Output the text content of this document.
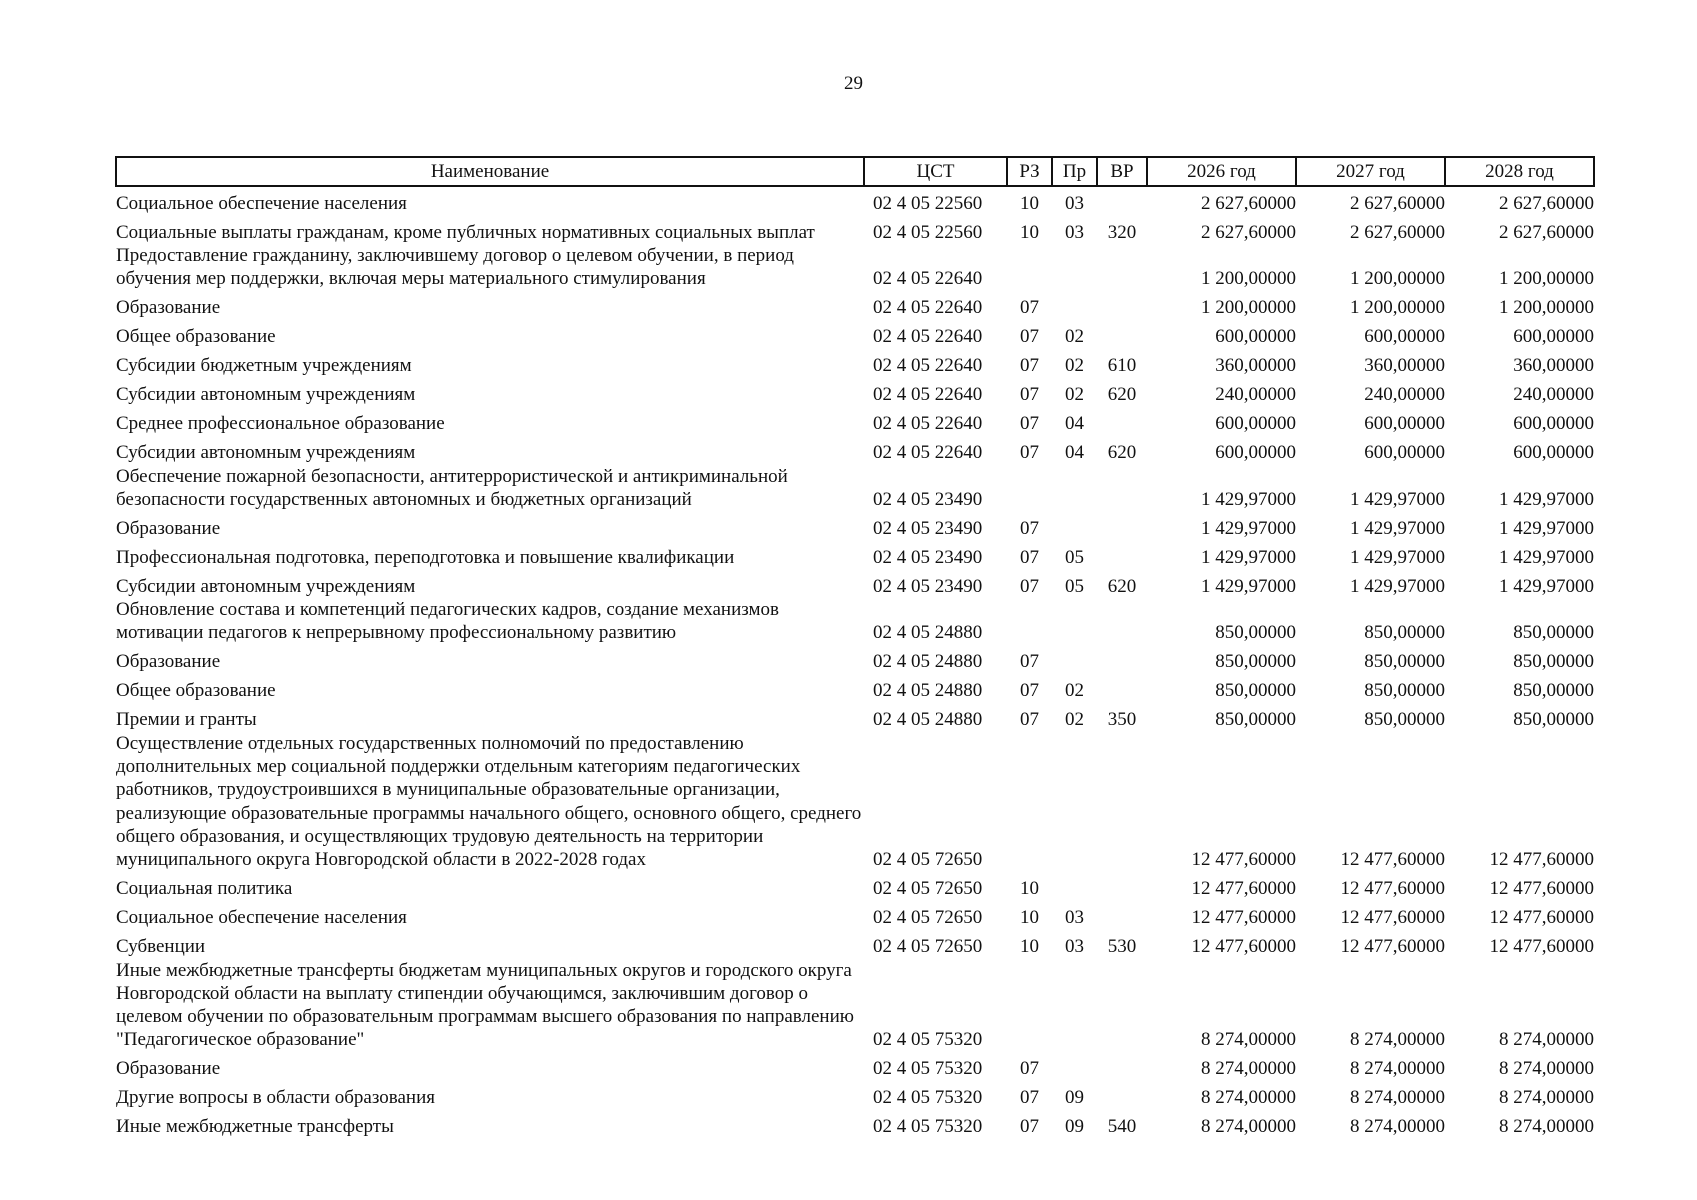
29
Наименование	ЦСТ	РЗ	Пр	ВР	2026 год	2027 год	2028 год
Социальное обеспечение населения	02 4 05 22560	10	03		2 627,60000	2 627,60000	2 627,60000
Социальные выплаты гражданам, кроме публичных нормативных социальных выплат	02 4 05 22560	10	03	320	2 627,60000	2 627,60000	2 627,60000
Предоставление гражданину, заключившему договор о целевом обучении, в период обучения мер поддержки, включая меры материального стимулирования	02 4 05 22640				1 200,00000	1 200,00000	1 200,00000
Образование	02 4 05 22640	07			1 200,00000	1 200,00000	1 200,00000
Общее образование	02 4 05 22640	07	02		600,00000	600,00000	600,00000
Субсидии бюджетным учреждениям	02 4 05 22640	07	02	610	360,00000	360,00000	360,00000
Субсидии автономным учреждениям	02 4 05 22640	07	02	620	240,00000	240,00000	240,00000
Среднее профессиональное образование	02 4 05 22640	07	04		600,00000	600,00000	600,00000
Субсидии автономным учреждениям	02 4 05 22640	07	04	620	600,00000	600,00000	600,00000
Обеспечение пожарной безопасности, антитеррористической и антикриминальной безопасности государственных автономных и бюджетных организаций	02 4 05 23490				1 429,97000	1 429,97000	1 429,97000
Образование	02 4 05 23490	07			1 429,97000	1 429,97000	1 429,97000
Профессиональная подготовка, переподготовка и повышение квалификации	02 4 05 23490	07	05		1 429,97000	1 429,97000	1 429,97000
Субсидии автономным учреждениям	02 4 05 23490	07	05	620	1 429,97000	1 429,97000	1 429,97000
Обновление состава и компетенций педагогических кадров, создание механизмов мотивации педагогов к непрерывному профессиональному развитию	02 4 05 24880				850,00000	850,00000	850,00000
Образование	02 4 05 24880	07			850,00000	850,00000	850,00000
Общее образование	02 4 05 24880	07	02		850,00000	850,00000	850,00000
Премии и гранты	02 4 05 24880	07	02	350	850,00000	850,00000	850,00000
Осуществление отдельных государственных полномочий по предоставлению дополнительных мер социальной поддержки отдельным категориям педагогических работников, трудоустроившихся в муниципальные образовательные организации, реализующие образовательные программы начального общего, основного общего, среднего общего образования, и осуществляющих трудовую деятельность на территории муниципального округа Новгородской области в 2022-2028 годах	02 4 05 72650				12 477,60000	12 477,60000	12 477,60000
Социальная политика	02 4 05 72650	10			12 477,60000	12 477,60000	12 477,60000
Социальное обеспечение населения	02 4 05 72650	10	03		12 477,60000	12 477,60000	12 477,60000
Субвенции	02 4 05 72650	10	03	530	12 477,60000	12 477,60000	12 477,60000
Иные межбюджетные трансферты бюджетам муниципальных округов и городского округа Новгородской области на выплату стипендии обучающимся, заключившим договор о целевом обучении по образовательным программам высшего образования по направлению "Педагогическое образование"	02 4 05 75320				8 274,00000	8 274,00000	8 274,00000
Образование	02 4 05 75320	07			8 274,00000	8 274,00000	8 274,00000
Другие вопросы в области образования	02 4 05 75320	07	09		8 274,00000	8 274,00000	8 274,00000
Иные межбюджетные трансферты	02 4 05 75320	07	09	540	8 274,00000	8 274,00000	8 274,00000
